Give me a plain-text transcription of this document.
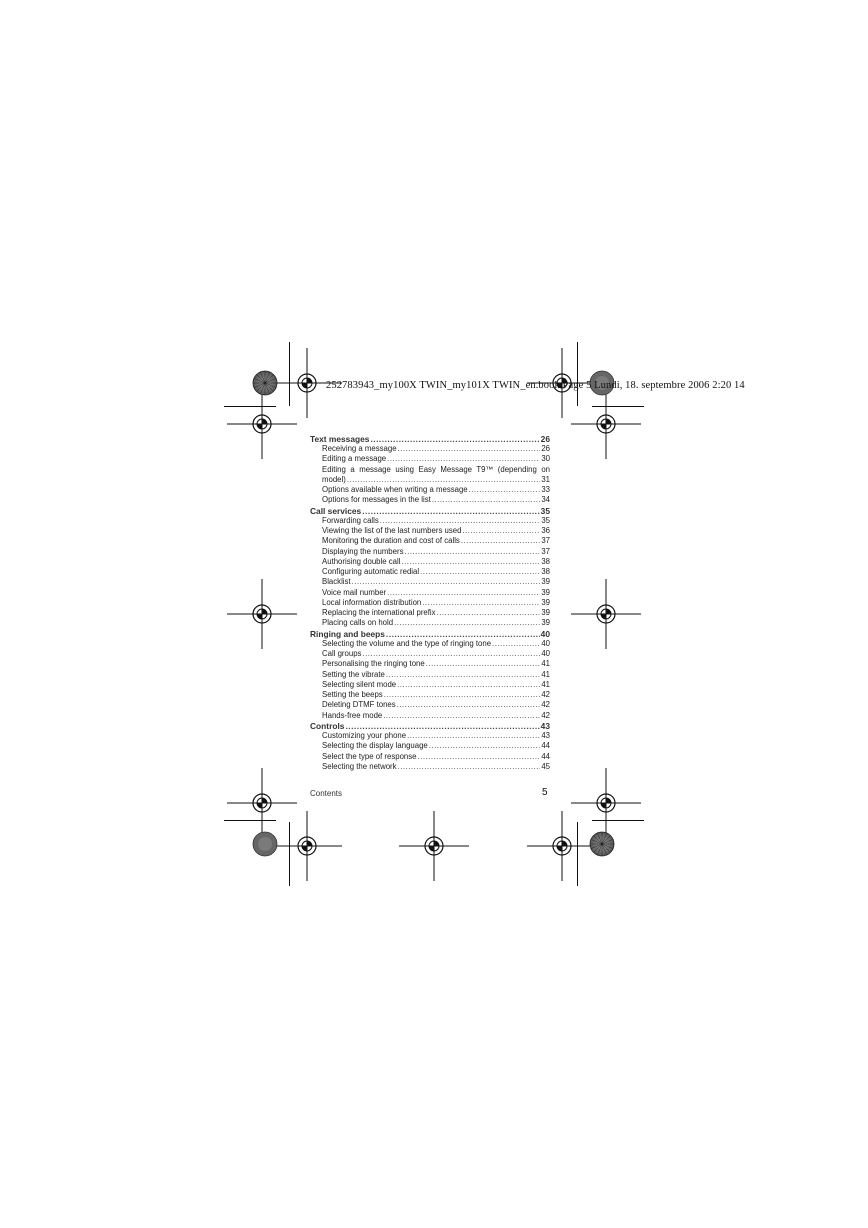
252783943_my100X TWIN_my101X TWIN_en.book Page 5 Lundi, 18. septembre 2006 2:20 14
Text messages .....	26
Receiving a message .....	26
Editing a message .....	30
Editing a message using Easy Message T9™ (depending on
model) .....	31
Options available when writing a message .....	33
Options for messages in the list .....	34
Call services .....	35
Forwarding calls .....	35
Viewing the list of the last numbers used .....	36
Monitoring the duration and cost of calls .....	37
Displaying the numbers .....	37
Authorising double call .....	38
Configuring automatic redial .....	38
Blacklist .....	39
Voice mail number .....	39
Local information distribution .....	39
Replacing the international prefix .....	39
Placing calls on hold .....	39
Ringing and beeps .....	40
Selecting the volume and the type of ringing tone .....	40
Call groups .....	40
Personalising the ringing tone .....	41
Setting the vibrate .....	41
Selecting silent mode .....	41
Setting the beeps .....	42
Deleting DTMF tones .....	42
Hands-free mode .....	42
Controls .....	43
Customizing your phone .....	43
Selecting the display language .....	44
Select the type of response .....	44
Selecting the network .....	45
Contents	5
